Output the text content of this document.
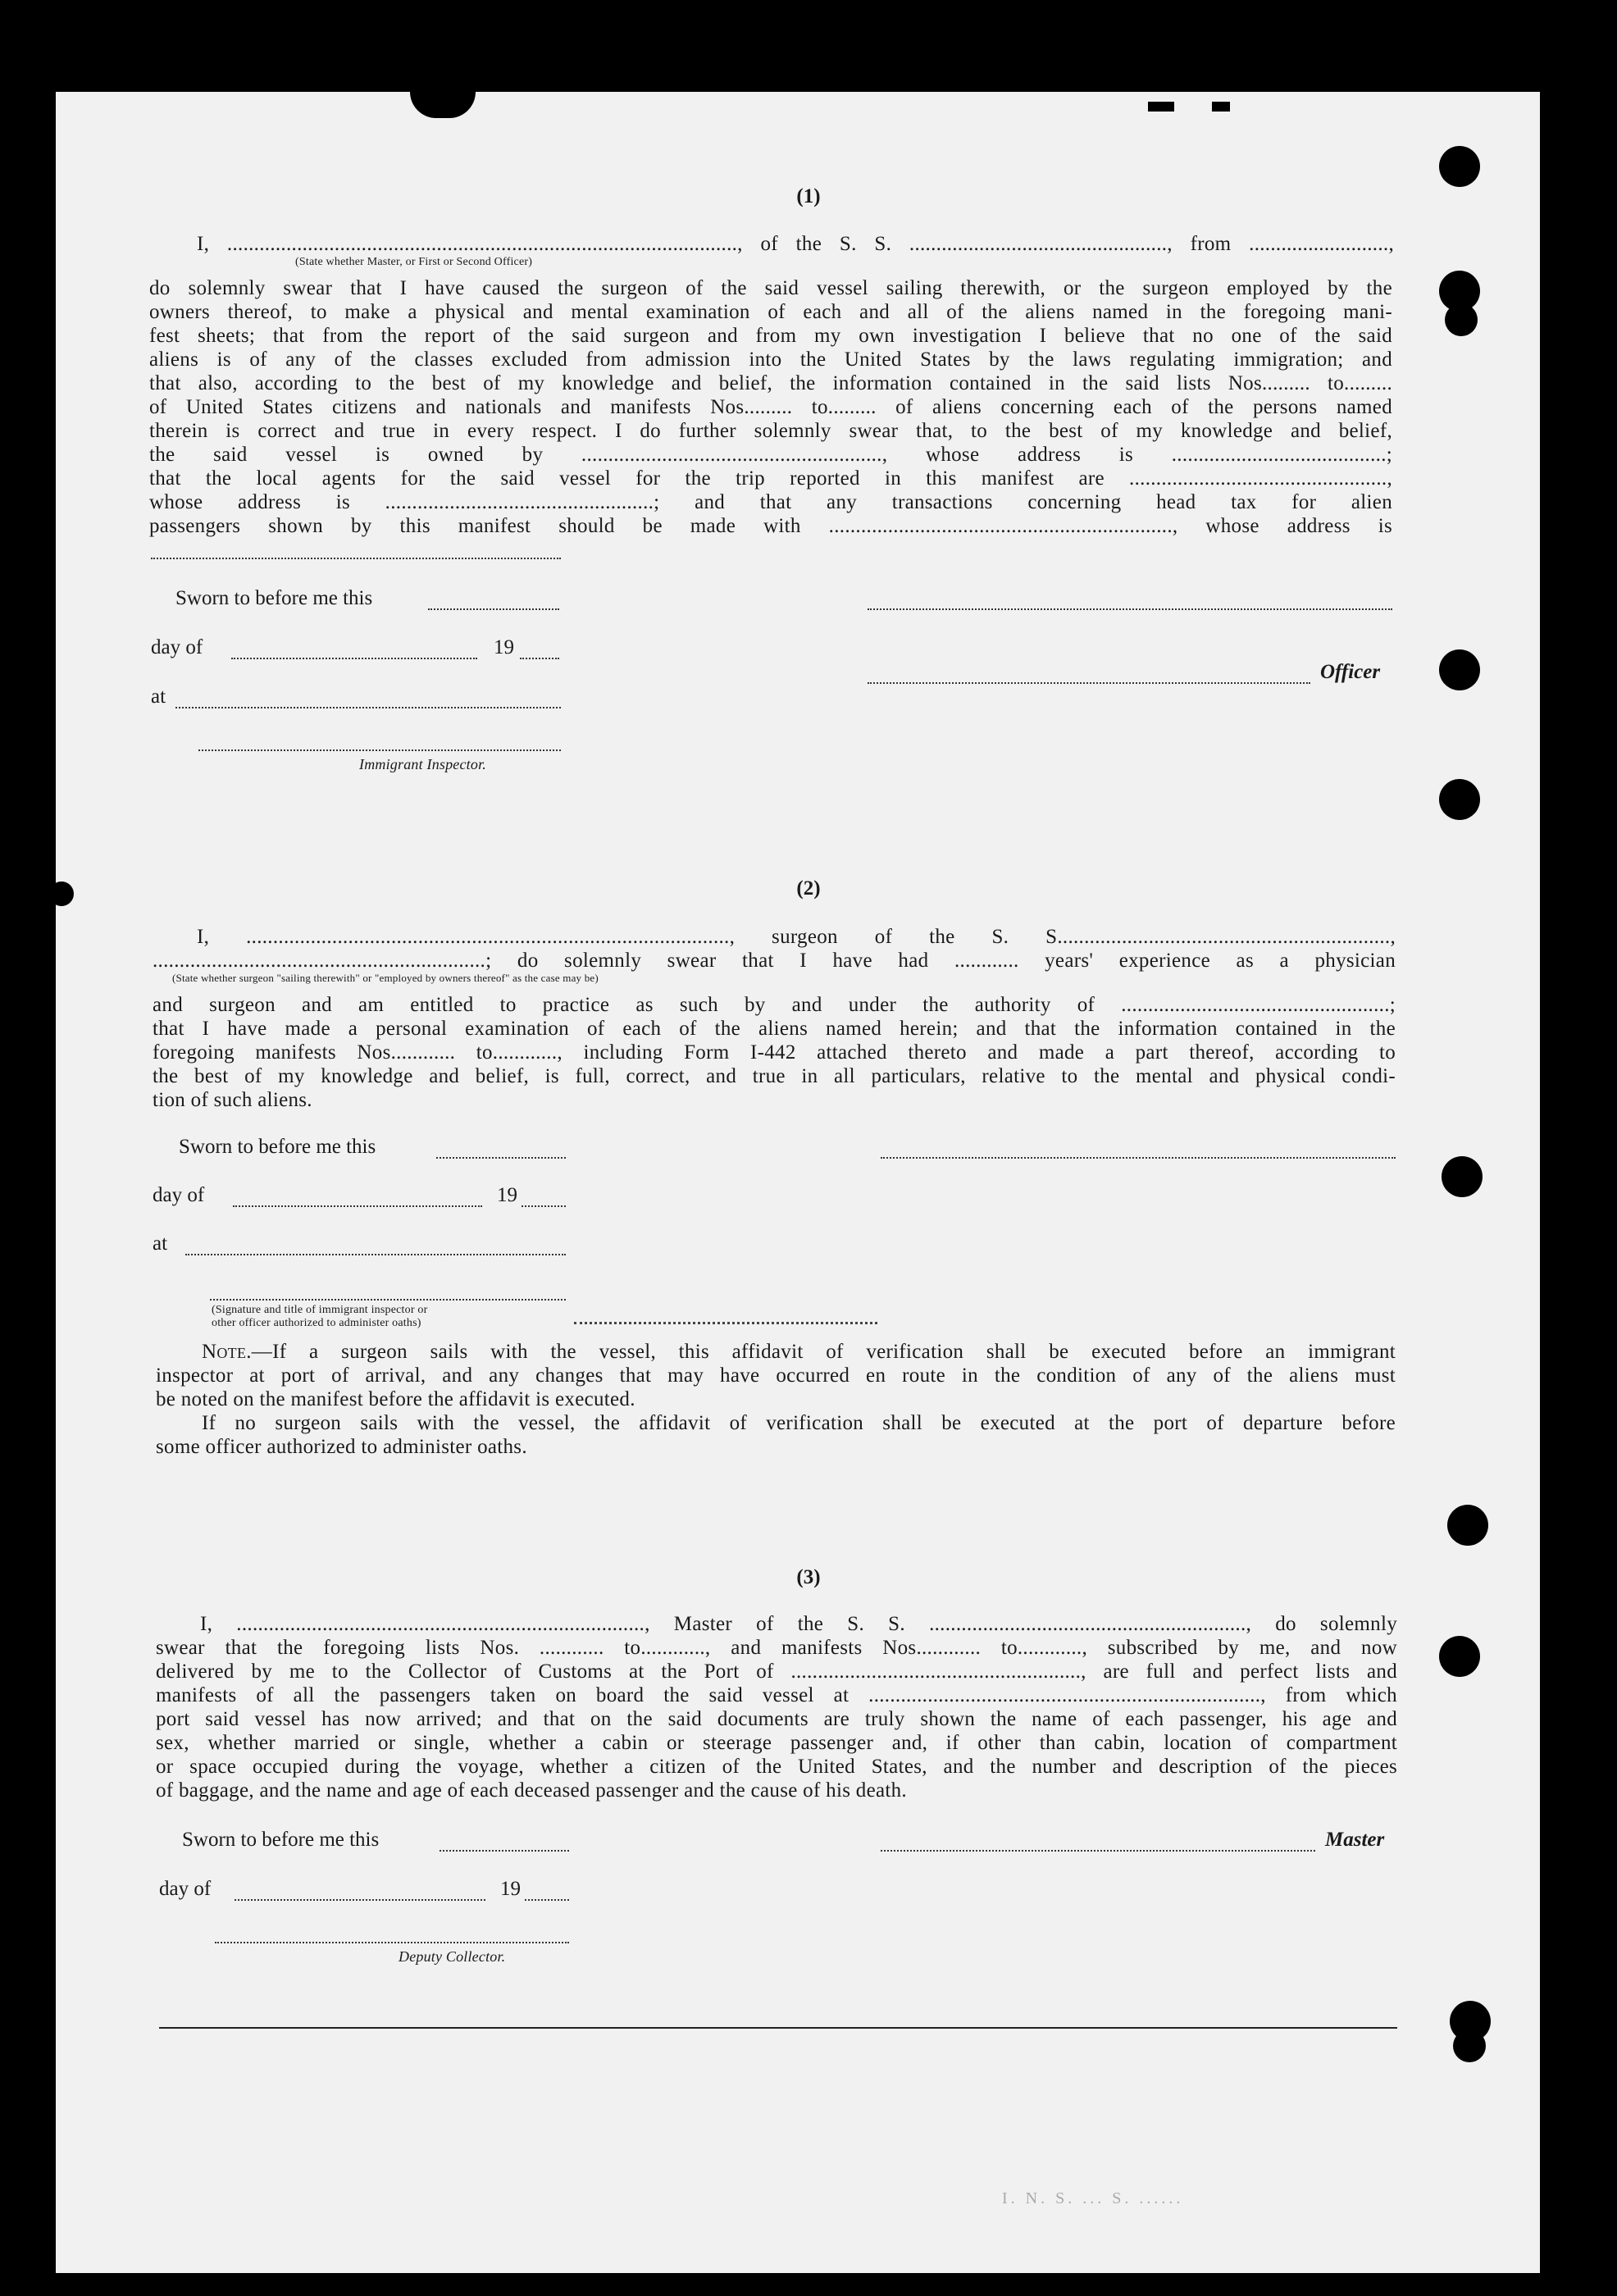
(1)
I, ..............................................................................................., of the S. S. ................................................, from ..........................,
(State whether Master, or First or Second Officer)
do solemnly swear that I have caused the surgeon of the said vessel sailing therewith, or the surgeon employed by the
owners thereof, to make a physical and mental examination of each and all of the aliens named in the foregoing mani-
fest sheets; that from the report of the said surgeon and from my own investigation I believe that no one of the said
aliens is of any of the classes excluded from admission into the United States by the laws regulating immigration; and
that also, according to the best of my knowledge and belief, the information contained in the said lists Nos......... to.........
of United States citizens and nationals and manifests Nos......... to......... of aliens concerning each of the persons named
therein is correct and true in every respect. I do further solemnly swear that, to the best of my knowledge and belief,
the said vessel is owned by ........................................................, whose address is ........................................;
that the local agents for the said vessel for the trip reported in this manifest are ................................................,
whose address is ..................................................; and that any transactions concerning head tax for alien
passengers shown by this manifest should be made with ................................................................, whose address is
Sworn to before me this
day of	19
at
Officer
Immigrant Inspector.
(2)
I, .........................................................................................., surgeon of the S. S..............................................................,
..............................................................; do solemnly swear that I have had ............ years' experience as a physician
(State whether surgeon "sailing therewith" or "employed by owners thereof" as the case may be)
and surgeon and am entitled to practice as such by and under the authority of ..................................................;
that I have made a personal examination of each of the aliens named herein; and that the information contained in the
foregoing manifests Nos............ to............, including Form I-442 attached thereto and made a part thereof, according to
the best of my knowledge and belief, is full, correct, and true in all particulars, relative to the mental and physical condi-
tion of such aliens.
Sworn to before me this
day of	19
at
(Signature and title of immigrant inspector or
other officer authorized to administer oaths)
Note.—If a surgeon sails with the vessel, this affidavit of verification shall be executed before an immigrant
inspector at port of arrival, and any changes that may have occurred en route in the condition of any of the aliens must
be noted on the manifest before the affidavit is executed.
If no surgeon sails with the vessel, the affidavit of verification shall be executed at the port of departure before
some officer authorized to administer oaths.
(3)
I, ............................................................................, Master of the S. S. ..........................................................., do solemnly
swear that the foregoing lists Nos. ............ to............, and manifests Nos............ to............, subscribed by me, and now
delivered by me to the Collector of Customs at the Port of ......................................................, are full and perfect lists and
manifests of all the passengers taken on board the said vessel at ........................................................................., from which
port said vessel has now arrived; and that on the said documents are truly shown the name of each passenger, his age and
sex, whether married or single, whether a cabin or steerage passenger and, if other than cabin, location of compartment
or space occupied during the voyage, whether a citizen of the United States, and the number and description of the pieces
of baggage, and the name and age of each deceased passenger and the cause of his death.
Sworn to before me this	Master
day of	19
Deputy Collector.
I. N. S. ... S. ......
